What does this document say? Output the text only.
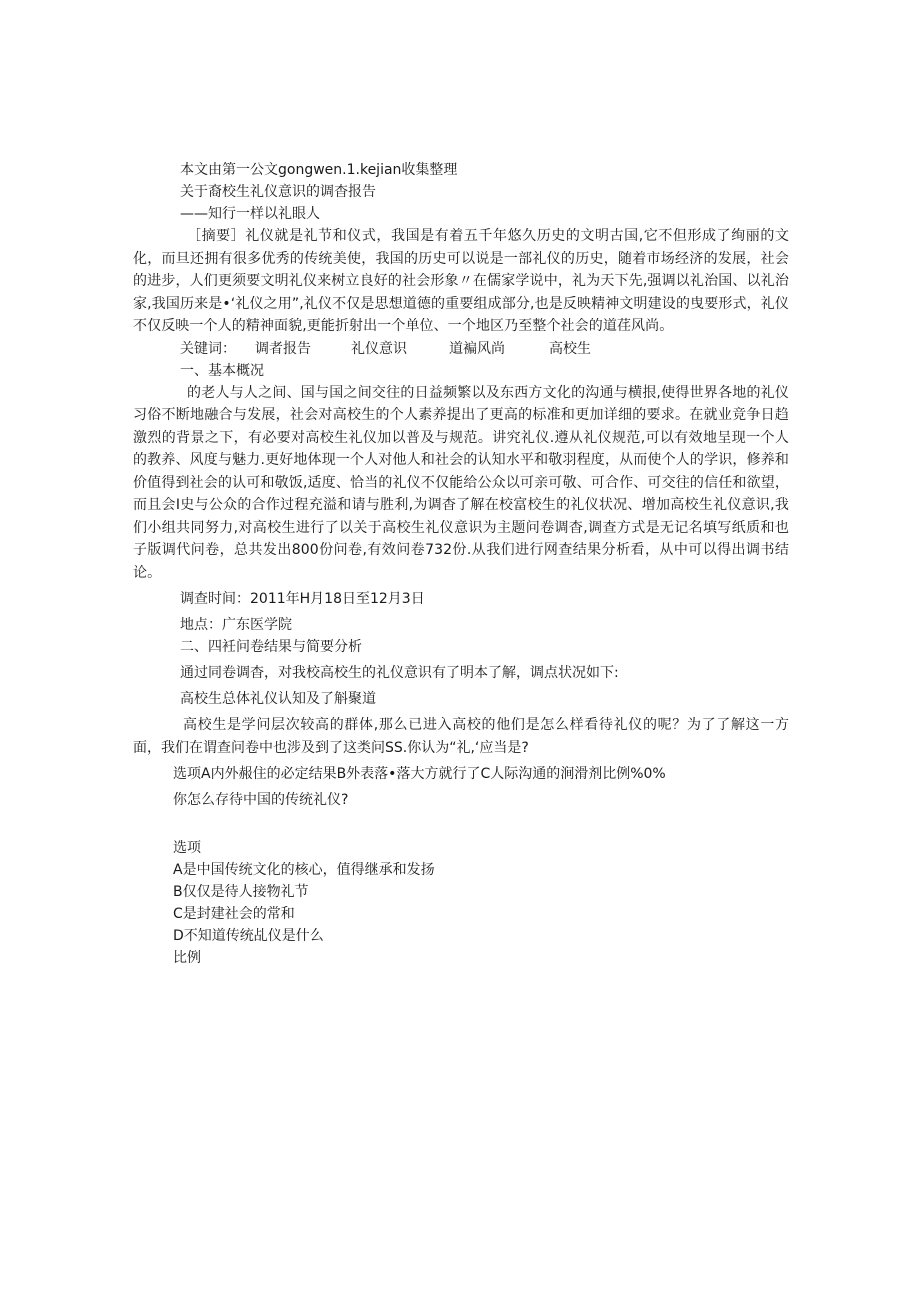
本文由第一公文gongwen.1.kejian收集整理

关于裔校生礼仪意识的调杳报告

——知行一样以礼眼人

［摘要］礼仪就是礼节和仪式，我国是有着五千年悠久历史的文明古国,它不但形成了绚丽的文化，而旦还拥有很多优秀的传统美使，我国的历史可以说是一部礼仪的历史，随着市场经济的发展，社会的进步，人们更须要文明礼仪来树立良好的社会形象〃在儒家学说中，礼为天下先,强调以礼治国、以礼治家,我国历来是•‘礼仪之用”,礼仪不仅是思想道德的重要组成部分,也是反映精神文明建设的曳要形式，礼仪不仅反映一个人的精神面貌,更能折射出一个单位、一个地区乃至整个社会的道荏风尚。

关键词：	调者报告	礼仪意识	道褊风尚	高校生

一、基本概况

的老人与人之间、国与国之间交往的日益频繁以及东西方文化的沟通与横拫,使得世界各地的礼仪习俗不断地融合与发展，社会对高校生的个人素养提出了更高的标准和更加详细的要求。在就业竞争日趋激烈的背景之下，有必要对高校生礼仪加以普及与规范。讲究礼仪.遵从礼仪规范,可以有效地呈现一个人的教养、风度与魅力.更好地体现一个人对他人和社会的认知水平和敬羽程度，从而使个人的学识，修养和价值得到社会的认可和敬饭,适度、恰当的礼仪不仅能给公众以可亲可敬、可合作、可交往的信任和欲望，而且会I史与公众的合作过程充溢和请与胜利,为调杳了解在校富校生的礼仪状况、增加高校生礼仪意识,我们小组共同努力,对高校生进行了以关于高校生礼仪意识为主题问卷调杳,调查方式是无记名填写纸质和也子版调代问卷，总共发出800份问卷,有效问卷732份.从我们进行网查结果分析看，从中可以得出调书结论。

调查时间：2011年H月18日至12月3日

地点：广东医学院

二、四衽问卷结果与简要分析

通过同卷调杳，对我校高校生的礼仪意识有了明本了解，调点状况如下:

高校生总体礼仪认知及了斛聚道

高校生是学问层次较高的群体,那么已进入高校的他们是怎么样看待礼仪的呢？为了了解这一方面，我们在谓查问卷中也涉及到了这类问SS.你认为“礼,‘应当是?

选项A内外赧住的必定结果B外表落•落大方就行了C人际沟通的涧滑剂比例%0%

你怎么存待中国的传统礼仪?

选项

A是中国传统文化的核心，值得继承和发扬

B仅仅是待人接物礼节

C是封建社会的常和

D不知道传统乩仪是什么

比例
